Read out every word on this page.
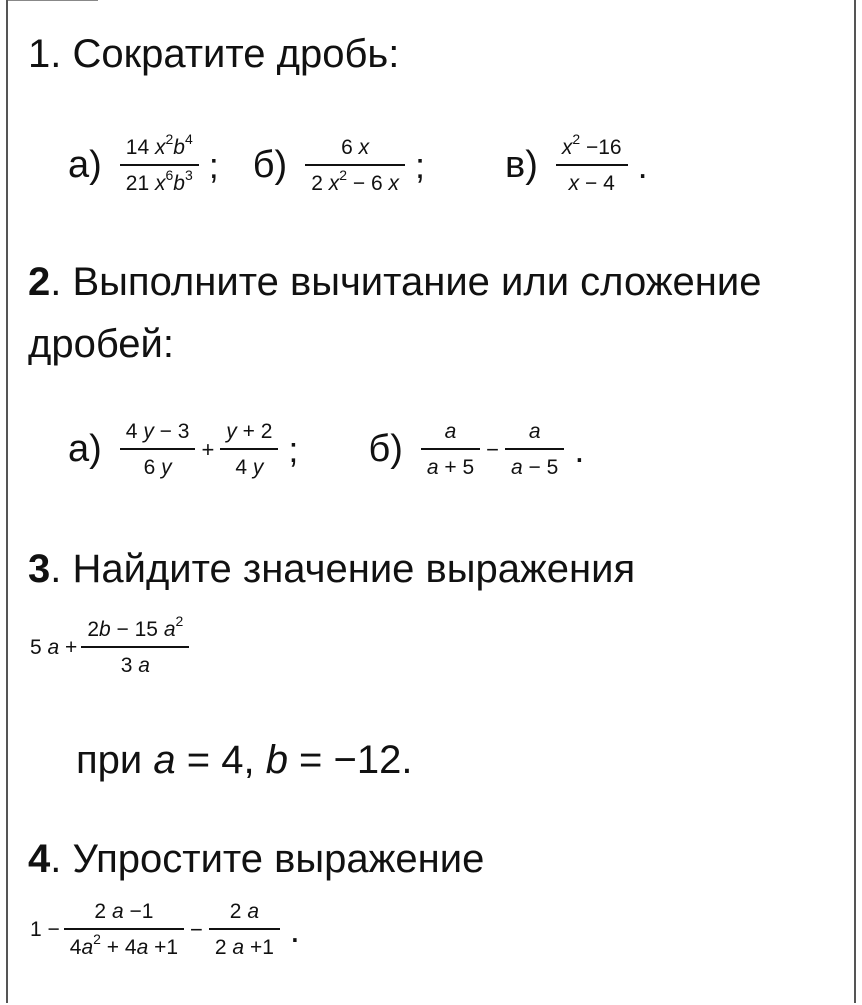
1. Сократите дробь:
$а) \frac{14 x^2b^4}{21 x^6b^3}$ ; $б) \frac{6 x}{2 x^2 - 6 x}$ ; $в) \frac{x^2 -16}{x - 4}$ .
2. Выполните вычитание или сложение
дробей:
$а) \frac{4 y - 3}{6 y} + \frac{y + 2}{4 y}$ ; $б) \frac{a}{a + 5} - \frac{a}{a - 5}$ .
3. Найдите значение выражения
5 $a + \frac{2b - 15 a^2}{3 a}$
при a = 4, b = −12.
4. Упростите выражение
$1 - \frac{2 a -1}{4a^2 + 4a +1} - \frac{2 a}{2 a +1}$ .
